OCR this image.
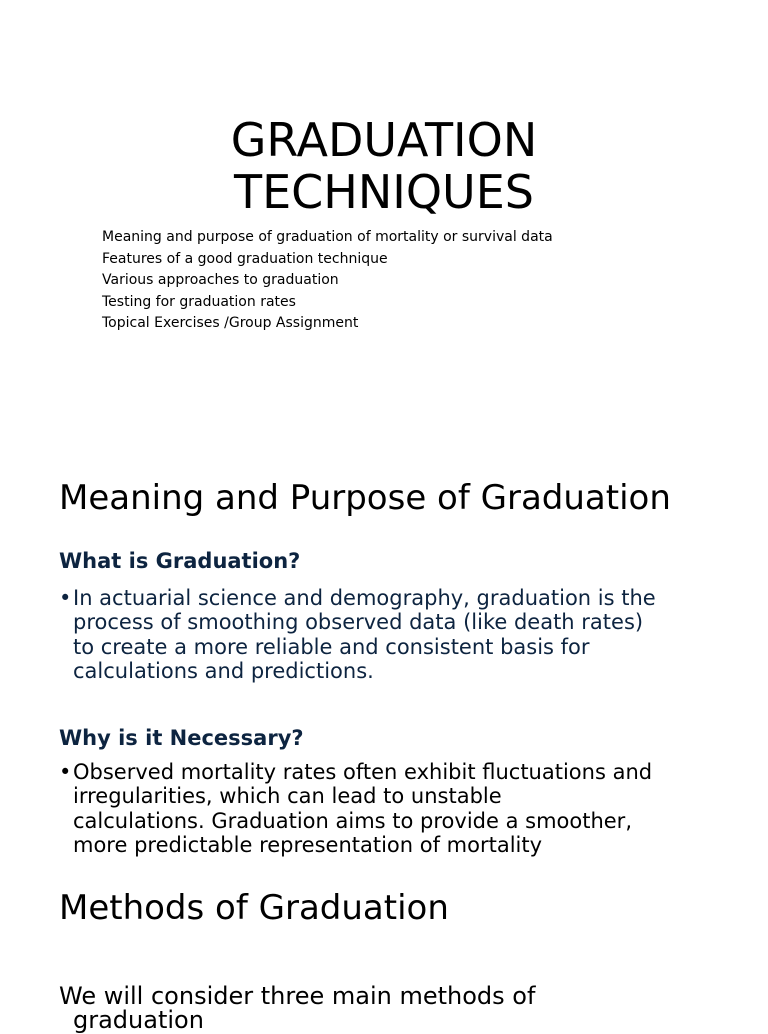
GRADUATION
TECHNIQUES
Meaning and purpose of graduation of mortality or survival data
Features of a good graduation technique
Various approaches to graduation
Testing for graduation rates
Topical Exercises /Group Assignment
Meaning and Purpose of Graduation
What is Graduation?
• In actuarial science and demography, graduation is the
process of smoothing observed data (like death rates)
to create a more reliable and consistent basis for
calculations and predictions.
Why is it Necessary?
• Observed mortality rates often exhibit fluctuations and
irregularities, which can lead to unstable
calculations. Graduation aims to provide a smoother,
more predictable representation of mortality
Methods of Graduation

We will consider three main methods of
graduation
